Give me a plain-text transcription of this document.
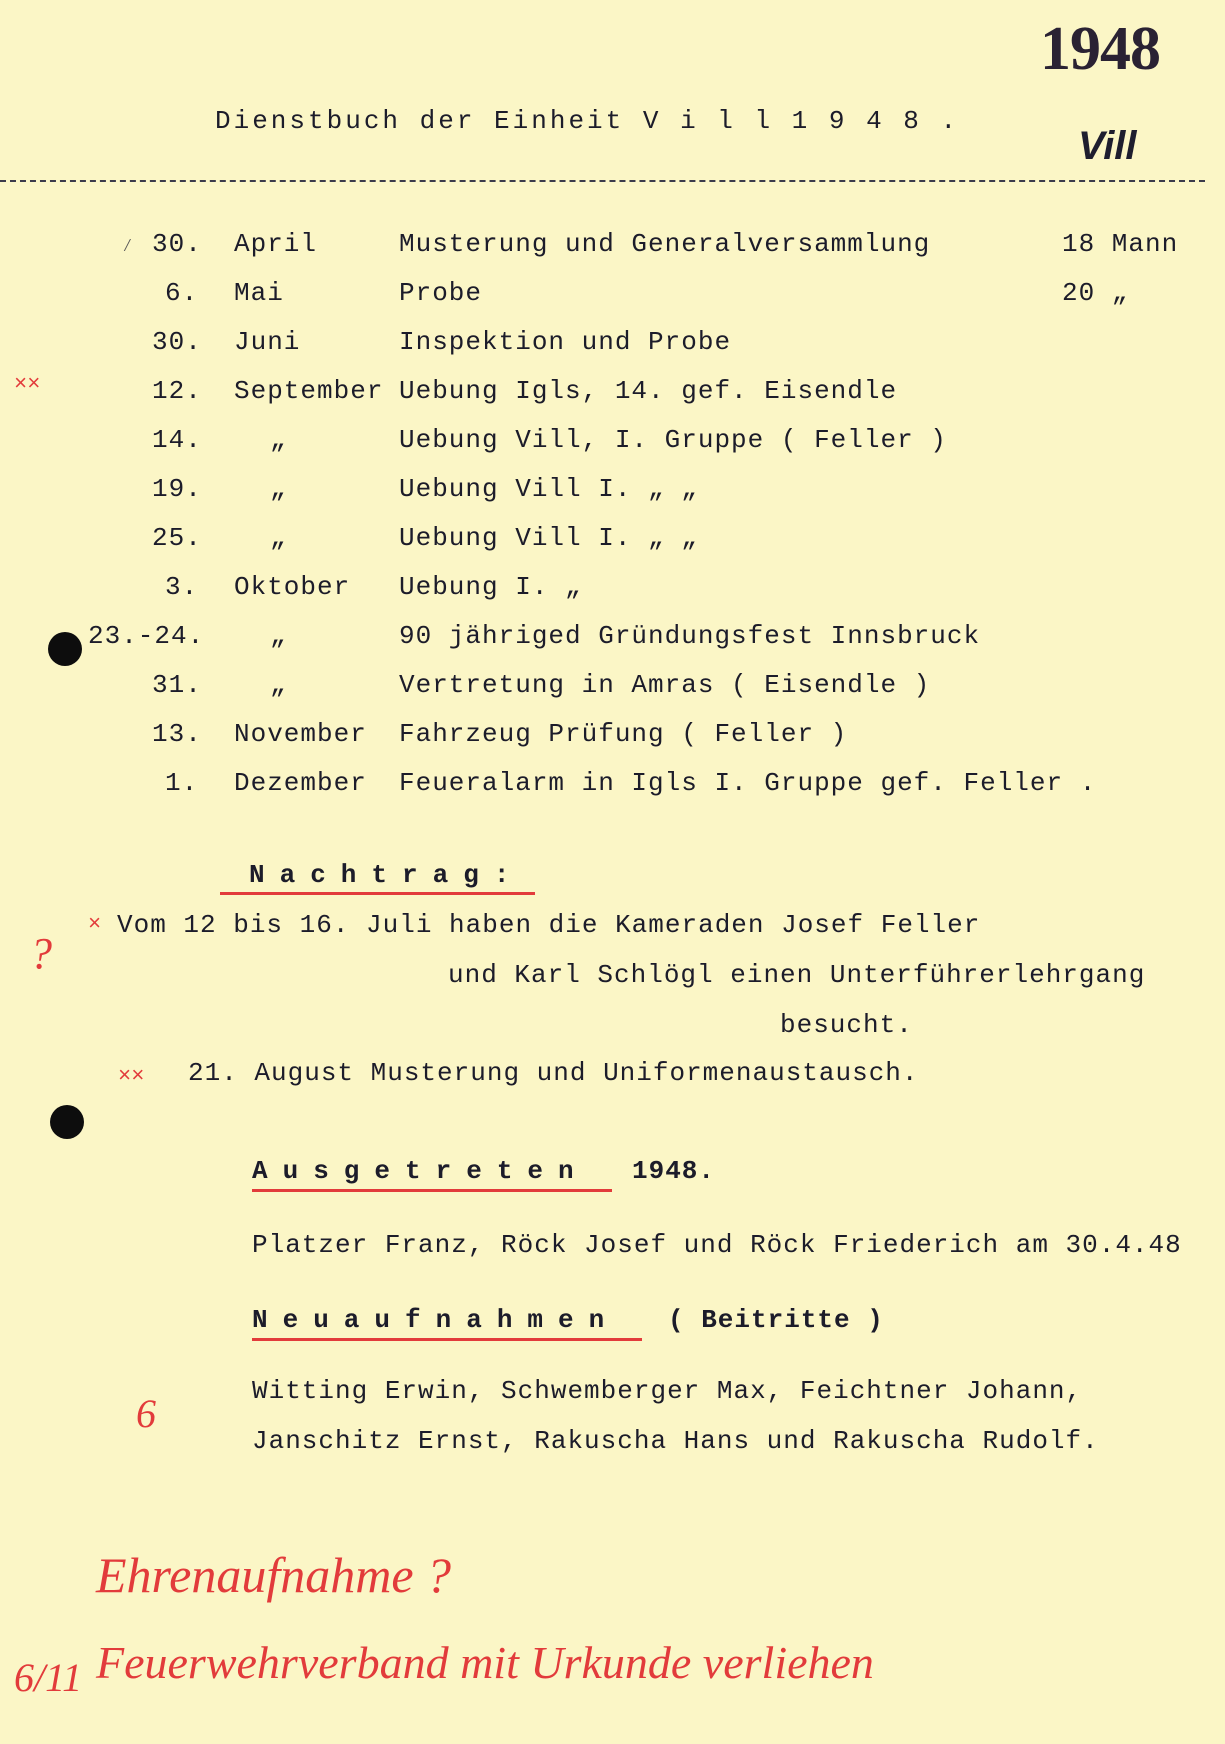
Dienstbuch der Einheit V i l l 1 9 4 8 .
1948
Vill
××
⁄ 30. April	Musterung und Generalversammlung	18 Mann
6. Mai	Probe	20 „
30. Juni	Inspektion und Probe
12. September Uebung Igls, 14. gef. Eisendle
14.	„	Uebung Vill, I. Gruppe ( Feller )
19.	„	Uebung Vill I. „ „
25.	„	Uebung Vill I. „ „
3. Oktober Uebung I. „
23.-24.	„	90 jähriged Gründungsfest Innsbruck
31.	„	Vertretung in Amras ( Eisendle )
13. November Fahrzeug Prüfung ( Feller )
1. Dezember Feueralarm in Igls I. Gruppe gef. Feller .
Nachtrag:
× Vom 12 bis 16. Juli haben die Kameraden Josef Feller
?	und Karl Schlögl einen Unterführerlehrgang
besucht.
×× 21. August Musterung und Uniformenaustausch.
Ausgetreten 1948.
Platzer Franz, Röck Josef und Röck Friederich am 30.4.48
Neuaufnahmen ( Beitritte )
6	Witting Erwin, Schwemberger Max, Feichtner Johann,
Janschitz Ernst, Rakuscha Hans und Rakuscha Rudolf.
Ehrenaufnahme ?
Feuerwehrverband mit Urkunde verliehen
6/11
